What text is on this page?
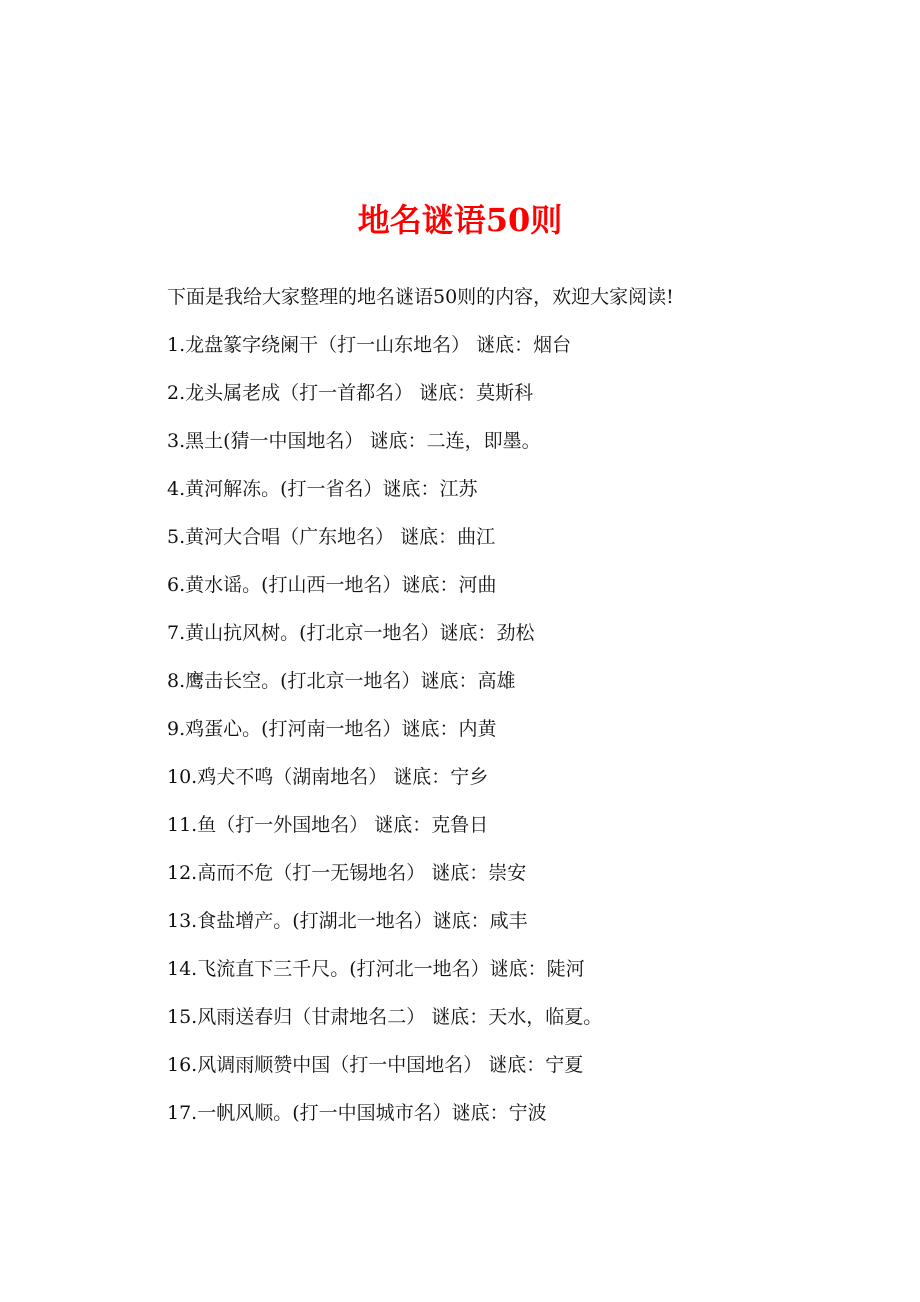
地名谜语50则

下面是我给大家整理的地名谜语50则的内容，欢迎大家阅读!

1.龙盘篆字绕阑干（打一山东地名） 谜底：烟台
2.龙头属老成（打一首都名） 谜底：莫斯科
3.黑土(猜一中国地名） 谜底：二连，即墨。
4.黄河解冻。(打一省名）谜底：江苏
5.黄河大合唱（广东地名） 谜底：曲江
6.黄水谣。(打山西一地名）谜底：河曲
7.黄山抗风树。(打北京一地名）谜底：劲松
8.鹰击长空。(打北京一地名）谜底：高雄
9.鸡蛋心。(打河南一地名）谜底：内黄
10.鸡犬不鸣（湖南地名） 谜底：宁乡
11.鱼（打一外国地名） 谜底：克鲁日
12.高而不危（打一无锡地名） 谜底：崇安
13.食盐增产。(打湖北一地名）谜底：咸丰
14.飞流直下三千尺。(打河北一地名）谜底：陡河
15.风雨送春归（甘肃地名二） 谜底：天水，临夏。
16.风调雨顺赞中国（打一中国地名） 谜底：宁夏
17.一帆风顺。(打一中国城市名）谜底：宁波
